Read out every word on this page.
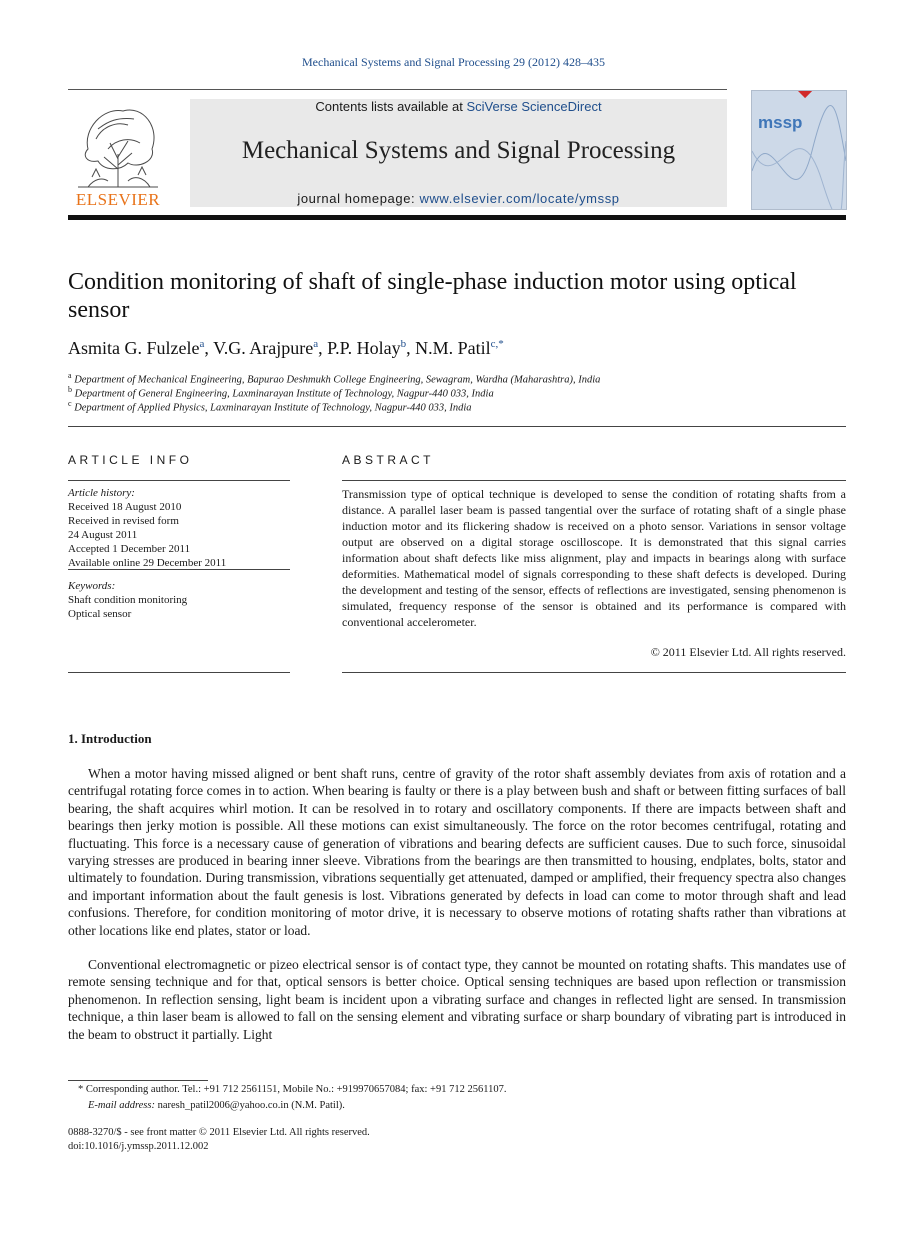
Mechanical Systems and Signal Processing 29 (2012) 428–435
ELSEVIER
Contents lists available at SciVerse ScienceDirect
Mechanical Systems and Signal Processing
journal homepage: www.elsevier.com/locate/ymssp
mssp
Condition monitoring of shaft of single-phase induction motor using optical sensor
Asmita G. Fulzele$^a$, V.G. Arajpure$^a$, P.P. Holay$^b$, N.M. Patil$^{c,*}$
$^a$ Department of Mechanical Engineering, Bapurao Deshmukh College Engineering, Sewagram, Wardha (Maharashtra), India
$^b$ Department of General Engineering, Laxminarayan Institute of Technology, Nagpur-440 033, India
$^c$ Department of Applied Physics, Laxminarayan Institute of Technology, Nagpur-440 033, India
ARTICLE INFO
Article history:
Received 18 August 2010
Received in revised form
24 August 2011
Accepted 1 December 2011
Available online 29 December 2011
Keywords:
Shaft condition monitoring
Optical sensor
ABSTRACT
Transmission type of optical technique is developed to sense the condition of rotating shafts from a distance. A parallel laser beam is passed tangential over the surface of rotating shaft of a single phase induction motor and its flickering shadow is received on a photo sensor. Variations in sensor voltage output are observed on a digital storage oscilloscope. It is demonstrated that this signal carries information about shaft defects like miss alignment, play and impacts in bearings along with surface deformities. Mathematical model of signals corresponding to these shaft defects is developed. During the development and testing of the sensor, effects of reflections are investigated, sensing phenomenon is simulated, frequency response of the sensor is obtained and its performance is compared with conventional accelerometer.
© 2011 Elsevier Ltd. All rights reserved.
1. Introduction
When a motor having missed aligned or bent shaft runs, centre of gravity of the rotor shaft assembly deviates from axis of rotation and a centrifugal rotating force comes in to action. When bearing is faulty or there is a play between bush and shaft or between fitting surfaces of ball bearing, the shaft acquires whirl motion. It can be resolved in to rotary and oscillatory components. If there are impacts between shaft and bearings then jerky motion is possible. All these motions can exist simultaneously. The force on the rotor becomes centrifugal, rotating and fluctuating. This force is a necessary cause of generation of vibrations and bearing defects are sufficient causes. Due to such force, sinusoidal varying stresses are produced in bearing inner sleeve. Vibrations from the bearings are then transmitted to housing, endplates, bolts, stator and ultimately to foundation. During transmission, vibrations sequentially get attenuated, damped or amplified, their frequency spectra also changes and important information about the fault genesis is lost. Vibrations generated by defects in load can come to motor through shaft and lead confusions. Therefore, for condition monitoring of motor drive, it is necessary to observe motions of rotating shafts rather than vibrations at other locations like end plates, stator or load.
Conventional electromagnetic or pizeo electrical sensor is of contact type, they cannot be mounted on rotating shafts. This mandates use of remote sensing technique and for that, optical sensors is better choice. Optical sensing techniques are based upon reflection or transmission phenomenon. In reflection sensing, light beam is incident upon a vibrating surface and changes in reflected light are sensed. In transmission technique, a thin laser beam is allowed to fall on the sensing element and vibrating surface or sharp boundary of vibrating part is introduced in the beam to obstruct it partially. Light
* Corresponding author. Tel.: +91 712 2561151, Mobile No.: +919970657084; fax: +91 712 2561107.
E-mail address: naresh_patil2006@yahoo.co.in (N.M. Patil).
0888-3270/$ - see front matter © 2011 Elsevier Ltd. All rights reserved.
doi:10.1016/j.ymssp.2011.12.002
